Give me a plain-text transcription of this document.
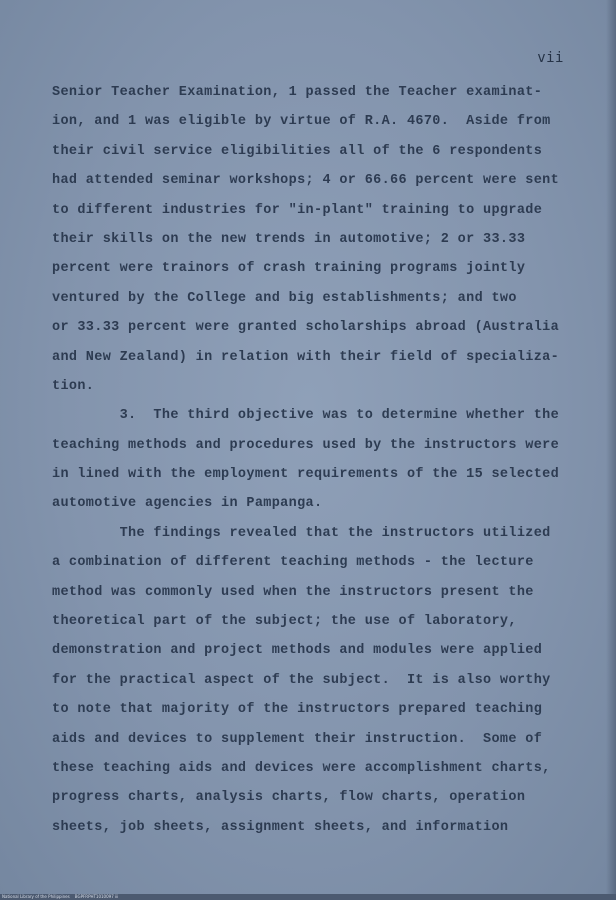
vii
Senior Teacher Examination, 1 passed the Teacher examinat-
ion, and 1 was eligible by virtue of R.A. 4670.  Aside from
their civil service eligibilities all of the 6 respondents
had attended seminar workshops; 4 or 66.66 percent were sent
to different industries for "in-plant" training to upgrade
their skills on the new trends in automotive; 2 or 33.33
percent were trainors of crash training programs jointly
ventured by the College and big establishments; and two
or 33.33 percent were granted scholarships abroad (Australia
and New Zealand) in relation with their field of specializa-
tion.
3.  The third objective was to determine whether the
teaching methods and procedures used by the instructors were
in lined with the employment requirements of the 15 selected
automotive agencies in Pampanga.
The findings revealed that the instructors utilized
a combination of different teaching methods - the lecture
method was commonly used when the instructors present the
theoretical part of the subject; the use of laboratory,
demonstration and project methods and modules were applied
for the practical aspect of the subject.  It is also worthy
to note that majority of the instructors prepared teaching
aids and devices to supplement their instruction.  Some of
these teaching aids and devices were accomplishment charts,
progress charts, analysis charts, flow charts, operation
sheets, job sheets, assignment sheets, and information
National Library of the Philippines    BGPFRPHT1010097 iii
